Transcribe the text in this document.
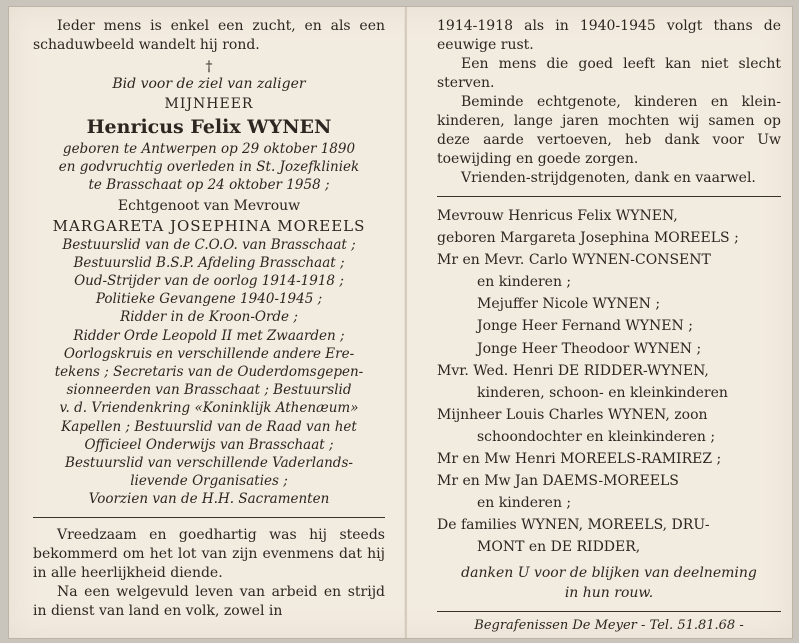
Ieder mens is enkel een zucht, en als een schaduwbeeld wandelt hij rond.

†
Bid voor de ziel van zaliger
MIJNHEER
Henricus Felix WYNEN
geboren te Antwerpen op 29 oktober 1890
en godvruchtig overleden in St. Jozefkliniek
te Brasschaat op 24 oktober 1958 ;
Echtgenoot van Mevrouw
MARGARETA JOSEPHINA MOREELS
Bestuurslid van de C.O.O. van Brasschaat ;
Bestuurslid B.S.P. Afdeling Brasschaat ;
Oud-Strijder van de oorlog 1914-1918 ;
Politieke Gevangene 1940-1945 ;
Ridder in de Kroon-Orde ;
Ridder Orde Leopold II met Zwaarden ;
Oorlogskruis en verschillende andere Ere-
tekens ; Secretaris van de Ouderdomsgepen-
sionneerden van Brasschaat ; Bestuurslid
v. d. Vriendenkring «Koninklijk Athenæum»
Kapellen ; Bestuurslid van de Raad van het
Officieel Onderwijs van Brasschaat ;
Bestuurslid van verschillende Vaderlands-
lievende Organisaties ;
Voorzien van de H.H. Sacramenten

Vreedzaam en goedhartig was hij steeds bekommerd om het lot van zijn evenmens dat hij in alle heerlijkheid diende.

Na een welgevuld leven van arbeid en strijd in dienst van land en volk, zowel in

1914-1918 als in 1940-1945 volgt thans de eeuwige rust.

Een mens die goed leeft kan niet slecht sterven.

Beminde echtgenote, kinderen en klein-kinderen, lange jaren mochten wij samen op deze aarde vertoeven, heb dank voor Uw toewijding en goede zorgen.

Vrienden-strijdgenoten, dank en vaarwel.

Mevrouw Henricus Felix WYNEN,
geboren Margareta Josephina MOREELS ;
Mr en Mevr. Carlo WYNEN-CONSENT
en kinderen ;
Mejuffer Nicole WYNEN ;
Jonge Heer Fernand WYNEN ;
Jonge Heer Theodoor WYNEN ;
Mvr. Wed. Henri DE RIDDER-WYNEN,
kinderen, schoon- en kleinkinderen
Mijnheer Louis Charles WYNEN, zoon
schoondochter en kleinkinderen ;
Mr en Mw Henri MOREELS-RAMIREZ ;
Mr en Mw Jan DAEMS-MOREELS
en kinderen ;
De families WYNEN, MOREELS, DRU-
MONT en DE RIDDER,
danken U voor de blijken van deelneming
in hun rouw.
Begrafenissen De Meyer - Tel. 51.81.68 -
